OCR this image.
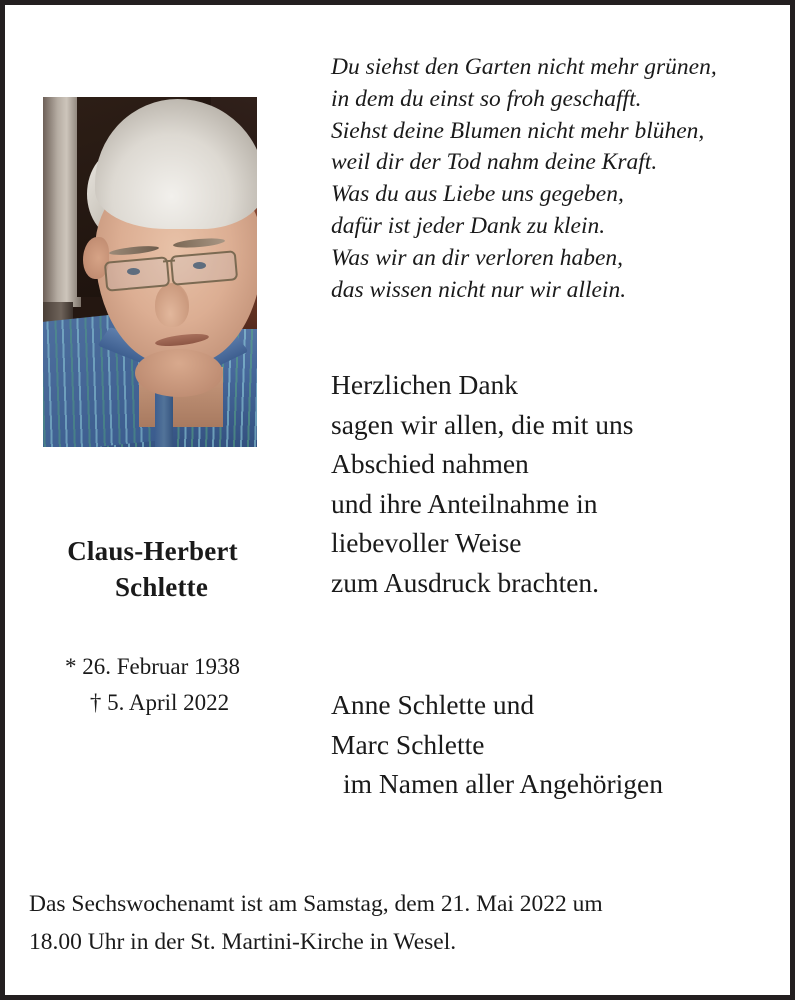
Claus-Herbert
Schlette
* 26. Februar 1938
† 5. April 2022
Du siehst den Garten nicht mehr grünen,
in dem du einst so froh geschafft.
Siehst deine Blumen nicht mehr blühen,
weil dir der Tod nahm deine Kraft.
Was du aus Liebe uns gegeben,
dafür ist jeder Dank zu klein.
Was wir an dir verloren haben,
das wissen nicht nur wir allein.
Herzlichen Dank
sagen wir allen, die mit uns
Abschied nahmen
und ihre Anteilnahme in
liebevoller Weise
zum Ausdruck brachten.
Anne Schlette und
Marc Schlette
im Namen aller Angehörigen
Das Sechswochenamt ist am Samstag, dem 21. Mai 2022 um
18.00 Uhr in der St. Martini-Kirche in Wesel.
